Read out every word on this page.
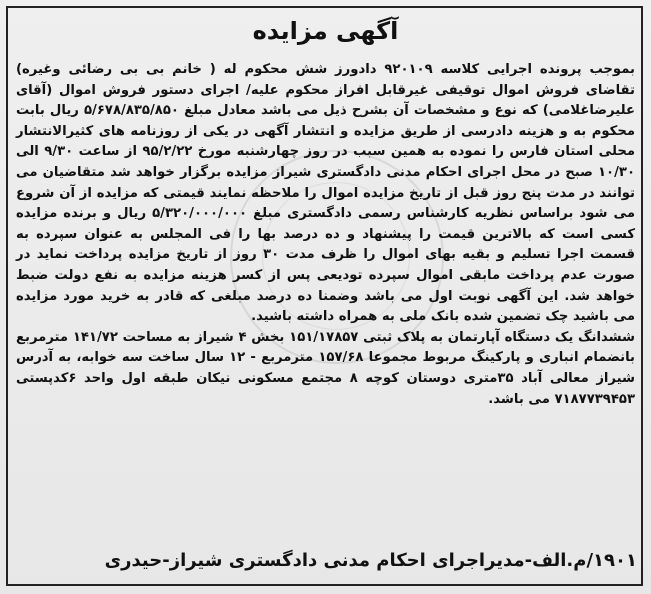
آگهی مزایده

بموجب پرونده اجرایی کلاسه ۹۲۰۱۰۹ دادورز شش محکوم له ( خانم بی بی رضائی وغیره) تقاضای فروش اموال توقیفی غیرقابل افراز محکوم علیه/ اجرای دستور فروش اموال (آقای علیرضاغلامی) که نوع و مشخصات آن بشرح ذیل می باشد معادل مبلغ ۵/۶۷۸/۸۳۵/۸۵۰ ریال بابت محکوم به و هزینه دادرسی از طریق مزایده و انتشار آگهی در یکی از روزنامه های کثیرالانتشار محلی استان فارس را نموده به همین سبب در روز چهارشنبه مورخ ۹۵/۲/۲۲ از ساعت ۹/۳۰ الی ۱۰/۳۰ صبح در محل اجرای احکام مدنی دادگستری شیراز مزایده برگزار خواهد شد متقاضیان می توانند در مدت پنج روز قبل از تاریخ مزایده اموال را ملاحظه نمایند قیمتی که مزایده از آن شروع می شود براساس نظریه کارشناس رسمی دادگستری مبلغ ۵/۳۲۰/۰۰۰/۰۰۰ ریال و برنده مزایده کسی است که بالاترین قیمت را پیشنهاد و ده درصد بها را فی المجلس به عنوان سپرده به قسمت اجرا تسلیم و بقیه بهای اموال را ظرف مدت ۳۰ روز از تاریخ مزایده پرداخت نماید در صورت عدم پرداخت مابقی اموال سپرده تودیعی پس از کسر هزینه مزایده به نفع دولت ضبط خواهد شد. این آگهی نوبت اول می باشد وضمنا ده درصد مبلغی که قادر به خرید مورد مزایده می باشید چک تضمین شده بانک ملی به همراه داشته باشید.

ششدانگ یک دستگاه آپارتمان به پلاک ثبتی ۱۵۱/۱۷۸۵۷ بخش ۴ شیراز به مساحت ۱۴۱/۷۲ مترمربع بانضمام انباری و پارکینگ مربوط مجموعا ۱۵۷/۶۸ مترمربع - ۱۲ سال ساخت سه خوابه، به آدرس شیراز معالی آباد ۳۵متری دوستان کوچه ۸ مجتمع مسکونی نیکان طبقه اول واحد ۶کدپستی ۷۱۸۷۷۳۹۴۵۳ می باشد.

۱۹۰۱/م.الف-مدیراجرای احکام مدنی دادگستری شیراز-حیدری
